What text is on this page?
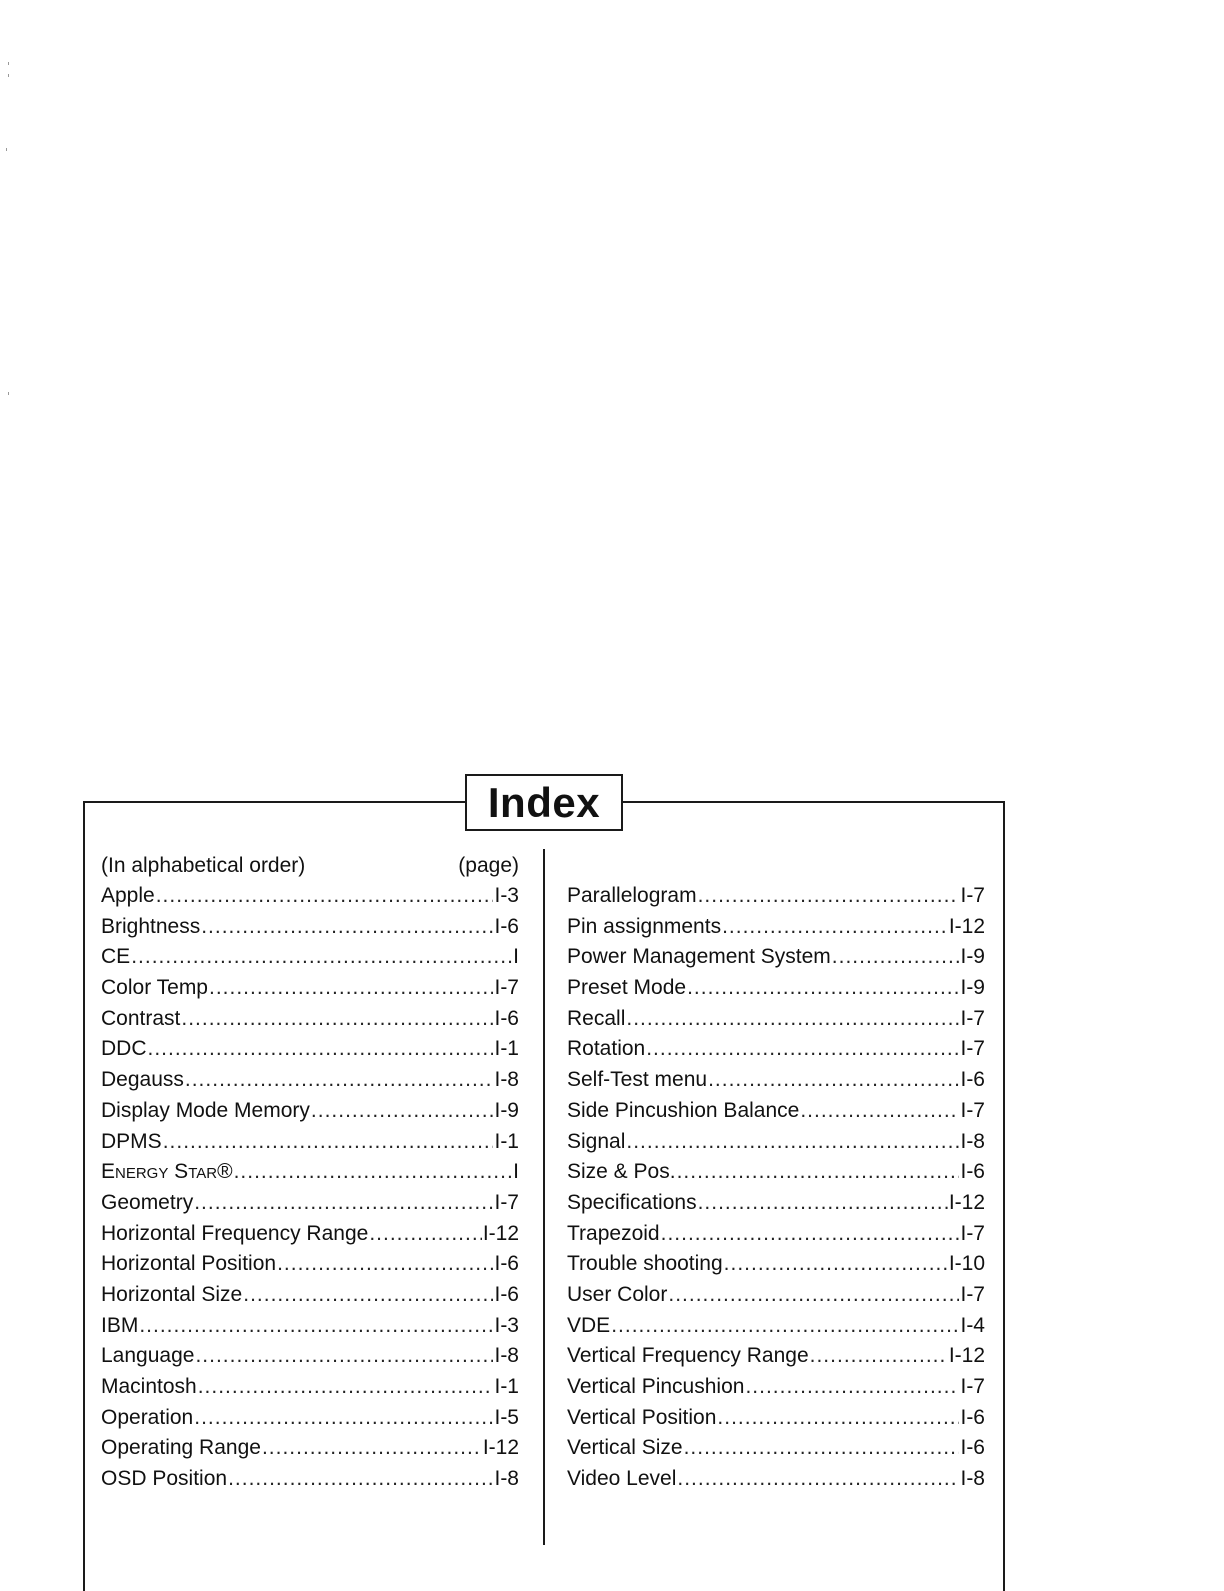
Index
(In alphabetical order)	(page)
Apple .....	I-3
Brightness .....	I-6
CE .....	I
Color Temp .....	I-7
Contrast .....	I-6
DDC .....	I-1
Degauss .....	I-8
Display Mode Memory .....	I-9
DPMS .....	I-1
Energy Star® .....	I
Geometry .....	I-7
Horizontal Frequency Range .....	I-12
Horizontal Position .....	I-6
Horizontal Size .....	I-6
IBM .....	I-3
Language .....	I-8
Macintosh .....	I-1
Operation .....	I-5
Operating Range .....	I-12
OSD Position .....	I-8
Parallelogram .....	I-7
Pin assignments .....	I-12
Power Management System .....	I-9
Preset Mode .....	I-9
Recall .....	I-7
Rotation .....	I-7
Self-Test menu .....	I-6
Side Pincushion Balance .....	I-7
Signal .....	I-8
Size & Pos. .....	I-6
Specifications .....	I-12
Trapezoid .....	I-7
Trouble shooting .....	I-10
User Color .....	I-7
VDE .....	I-4
Vertical Frequency Range .....	I-12
Vertical Pincushion .....	I-7
Vertical Position .....	I-6
Vertical Size .....	I-6
Video Level .....	I-8
